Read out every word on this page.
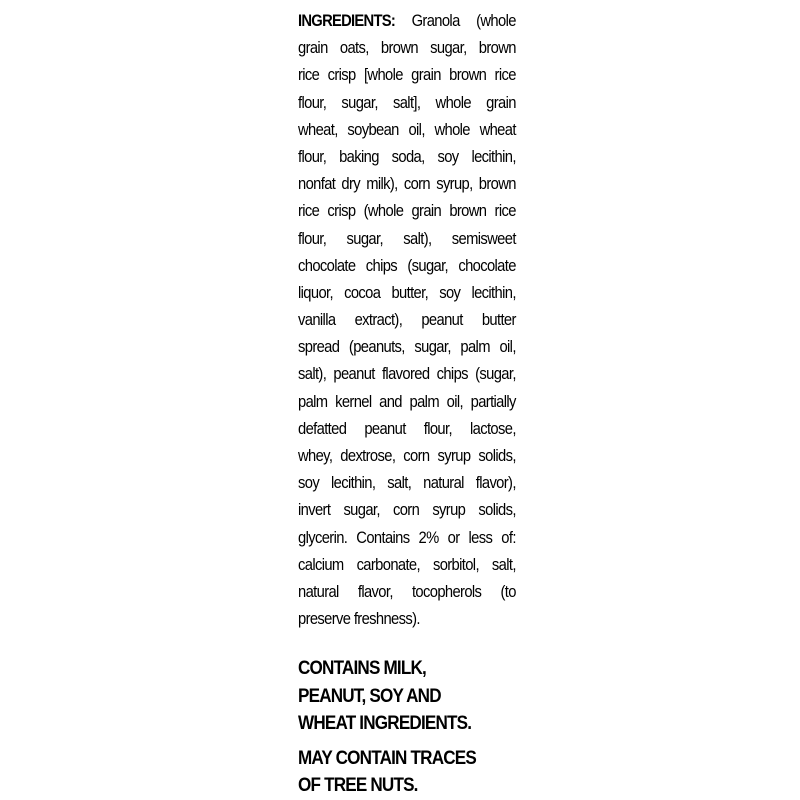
INGREDIENTS: Granola (whole
grain oats, brown sugar, brown
rice crisp [whole grain brown rice
flour, sugar, salt], whole grain
wheat, soybean oil, whole wheat
flour, baking soda, soy lecithin,
nonfat dry milk), corn syrup, brown
rice crisp (whole grain brown rice
flour, sugar, salt), semisweet
chocolate chips (sugar, chocolate
liquor, cocoa butter, soy lecithin,
vanilla extract), peanut butter
spread (peanuts, sugar, palm oil,
salt), peanut flavored chips (sugar,
palm kernel and palm oil, partially
defatted peanut flour, lactose,
whey, dextrose, corn syrup solids,
soy lecithin, salt, natural flavor),
invert sugar, corn syrup solids,
glycerin. Contains 2% or less of:
calcium carbonate, sorbitol, salt,
natural flavor, tocopherols (to
preserve freshness).
CONTAINS MILK,
PEANUT, SOY AND
WHEAT INGREDIENTS.
MAY CONTAIN TRACES
OF TREE NUTS.
